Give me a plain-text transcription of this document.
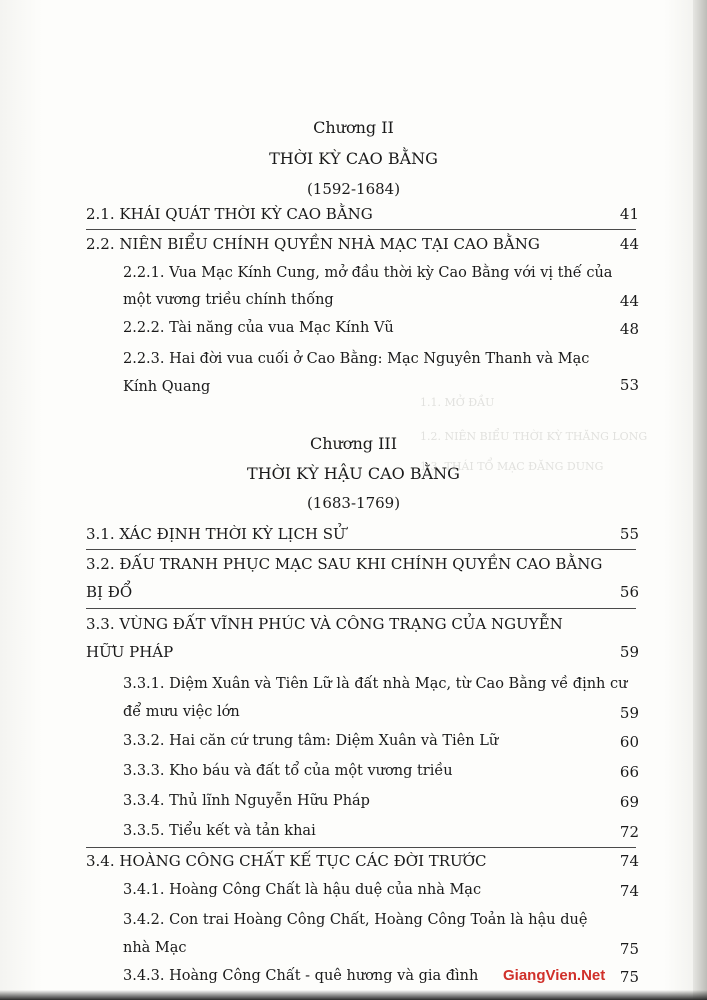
1.1. MỞ ĐẦU
1.2. NIÊN BIỂU THỜI KỲ THĂNG LONG
1.3. THÁI TỔ MẠC ĐĂNG DUNG
Chương II
THỜI KỲ CAO BẰNG
(1592-1684)
2.1. KHÁI QUÁT THỜI KỲ CAO BẰNG	41
2.2. NIÊN BIỂU CHÍNH QUYỀN NHÀ MẠC TẠI CAO BẰNG	44
2.2.1. Vua Mạc Kính Cung, mở đầu thời kỳ Cao Bằng với vị thế của
một vương triều chính thống	44
2.2.2. Tài năng của vua Mạc Kính Vũ	48
2.2.3. Hai đời vua cuối ở Cao Bằng: Mạc Nguyên Thanh và Mạc
Kính Quang	53
Chương III
THỜI KỲ HẬU CAO BẰNG
(1683-1769)
3.1. XÁC ĐỊNH THỜI KỲ LỊCH SỬ	55
3.2. ĐẤU TRANH PHỤC MẠC SAU KHI CHÍNH QUYỀN CAO BẰNG
BỊ ĐỔ	56
3.3. VÙNG ĐẤT VĨNH PHÚC VÀ CÔNG TRẠNG CỦA NGUYỄN
HỮU PHÁP	59
3.3.1. Diệm Xuân và Tiên Lữ là đất nhà Mạc, từ Cao Bằng về định cư
để mưu việc lớn	59
3.3.2. Hai căn cứ trung tâm: Diệm Xuân và Tiên Lữ	60
3.3.3. Kho báu và đất tổ của một vương triều	66
3.3.4. Thủ lĩnh Nguyễn Hữu Pháp	69
3.3.5. Tiểu kết và tản khai	72
3.4. HOÀNG CÔNG CHẤT KẾ TỤC CÁC ĐỜI TRƯỚC	74
3.4.1. Hoàng Công Chất là hậu duệ của nhà Mạc	74
3.4.2. Con trai Hoàng Công Chất, Hoàng Công Toản là hậu duệ
nhà Mạc	75
3.4.3. Hoàng Công Chất - quê hương và gia đình	75
GiangVien.Net
